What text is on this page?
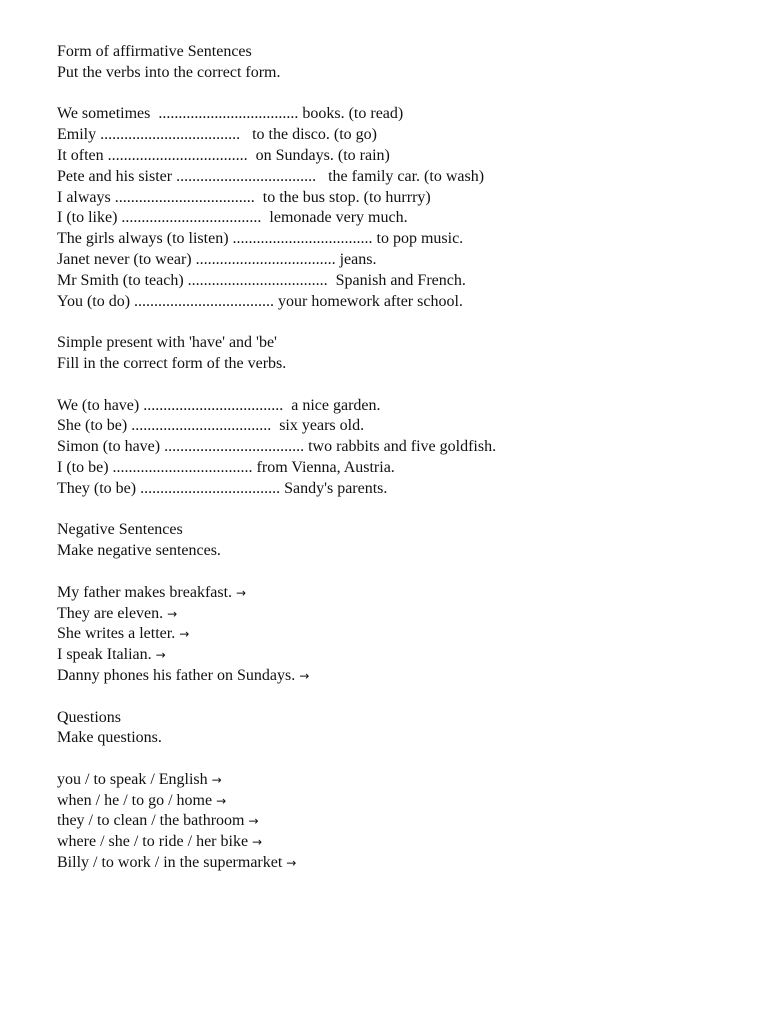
Form of affirmative Sentences
Put the verbs into the correct form.
We sometimes  ................................... books. (to read)
Emily ...................................   to the disco. (to go)
It often ...................................  on Sundays. (to rain)
Pete and his sister ...................................   the family car. (to wash)
I always ...................................  to the bus stop. (to hurrry)
I (to like) ...................................  lemonade very much.
The girls always (to listen) ................................... to pop music.
Janet never (to wear) ................................... jeans.
Mr Smith (to teach) ...................................  Spanish and French.
You (to do) ................................... your homework after school.
Simple present with 'have' and 'be'
Fill in the correct form of the verbs.
We (to have) ...................................  a nice garden.
She (to be) ...................................  six years old.
Simon (to have) ................................... two rabbits and five goldfish.
I (to be) ................................... from Vienna, Austria.
They (to be) ................................... Sandy's parents.
Negative Sentences
Make negative sentences.
My father makes breakfast. →
They are eleven. →
She writes a letter. →
I speak Italian. →
Danny phones his father on Sundays. →
Questions
Make questions.
you / to speak / English →
when / he / to go / home →
they / to clean / the bathroom →
where / she / to ride / her bike →
Billy / to work / in the supermarket →
